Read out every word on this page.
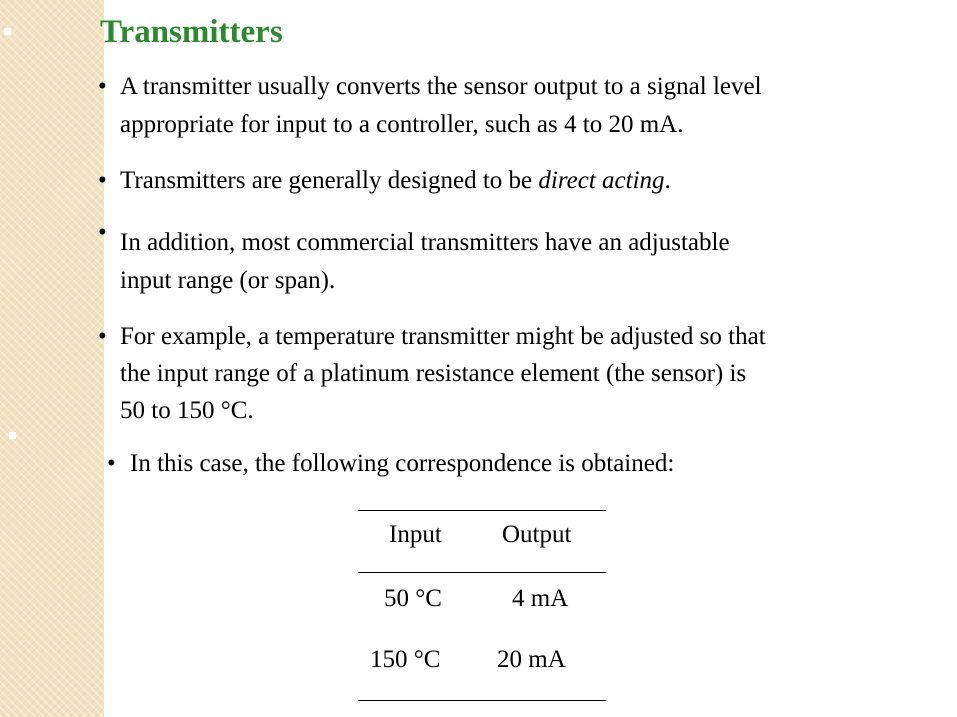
Transmitters
• A transmitter usually converts the sensor output to a signal level
appropriate for input to a controller, such as 4 to 20 mA.
• Transmitters are generally designed to be direct acting.
• In addition, most commercial transmitters have an adjustable
input range (or span).
• For example, a temperature transmitter might be adjusted so that
the input range of a platinum resistance element (the sensor) is
50 to 150 °C.
• In this case, the following correspondence is obtained:
Input Output
50 °C	4 mA
150 °C 20 mA
